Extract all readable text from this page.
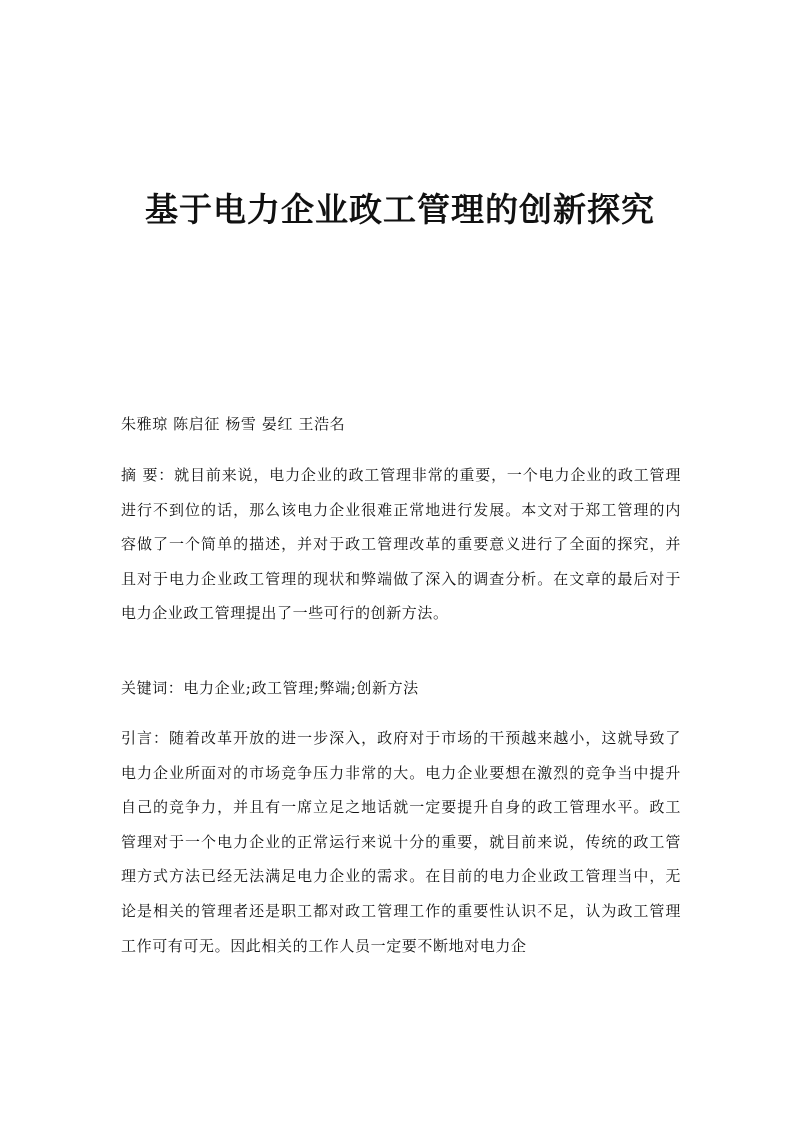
基于电力企业政工管理的创新探究

朱雅琼 陈启征 杨雪 晏红 王浩名

摘 要：就目前来说，电力企业的政工管理非常的重要，一个电力企业的政工管理进行不到位的话，那么该电力企业很难正常地进行发展。本文对于郑工管理的内容做了一个简单的描述，并对于政工管理改革的重要意义进行了全面的探究，并且对于电力企业政工管理的现状和弊端做了深入的调查分析。在文章的最后对于电力企业政工管理提出了一些可行的创新方法。

关键词：电力企业;政工管理;弊端;创新方法

引言：随着改革开放的进一步深入，政府对于市场的干预越来越小，这就导致了电力企业所面对的市场竞争压力非常的大。电力企业要想在激烈的竞争当中提升自己的竞争力，并且有一席立足之地话就一定要提升自身的政工管理水平。政工管理对于一个电力企业的正常运行来说十分的重要，就目前来说，传统的政工管理方式方法已经无法满足电力企业的需求。在目前的电力企业政工管理当中，无论是相关的管理者还是职工都对政工管理工作的重要性认识不足，认为政工管理工作可有可无。因此相关的工作人员一定要不断地对电力企
